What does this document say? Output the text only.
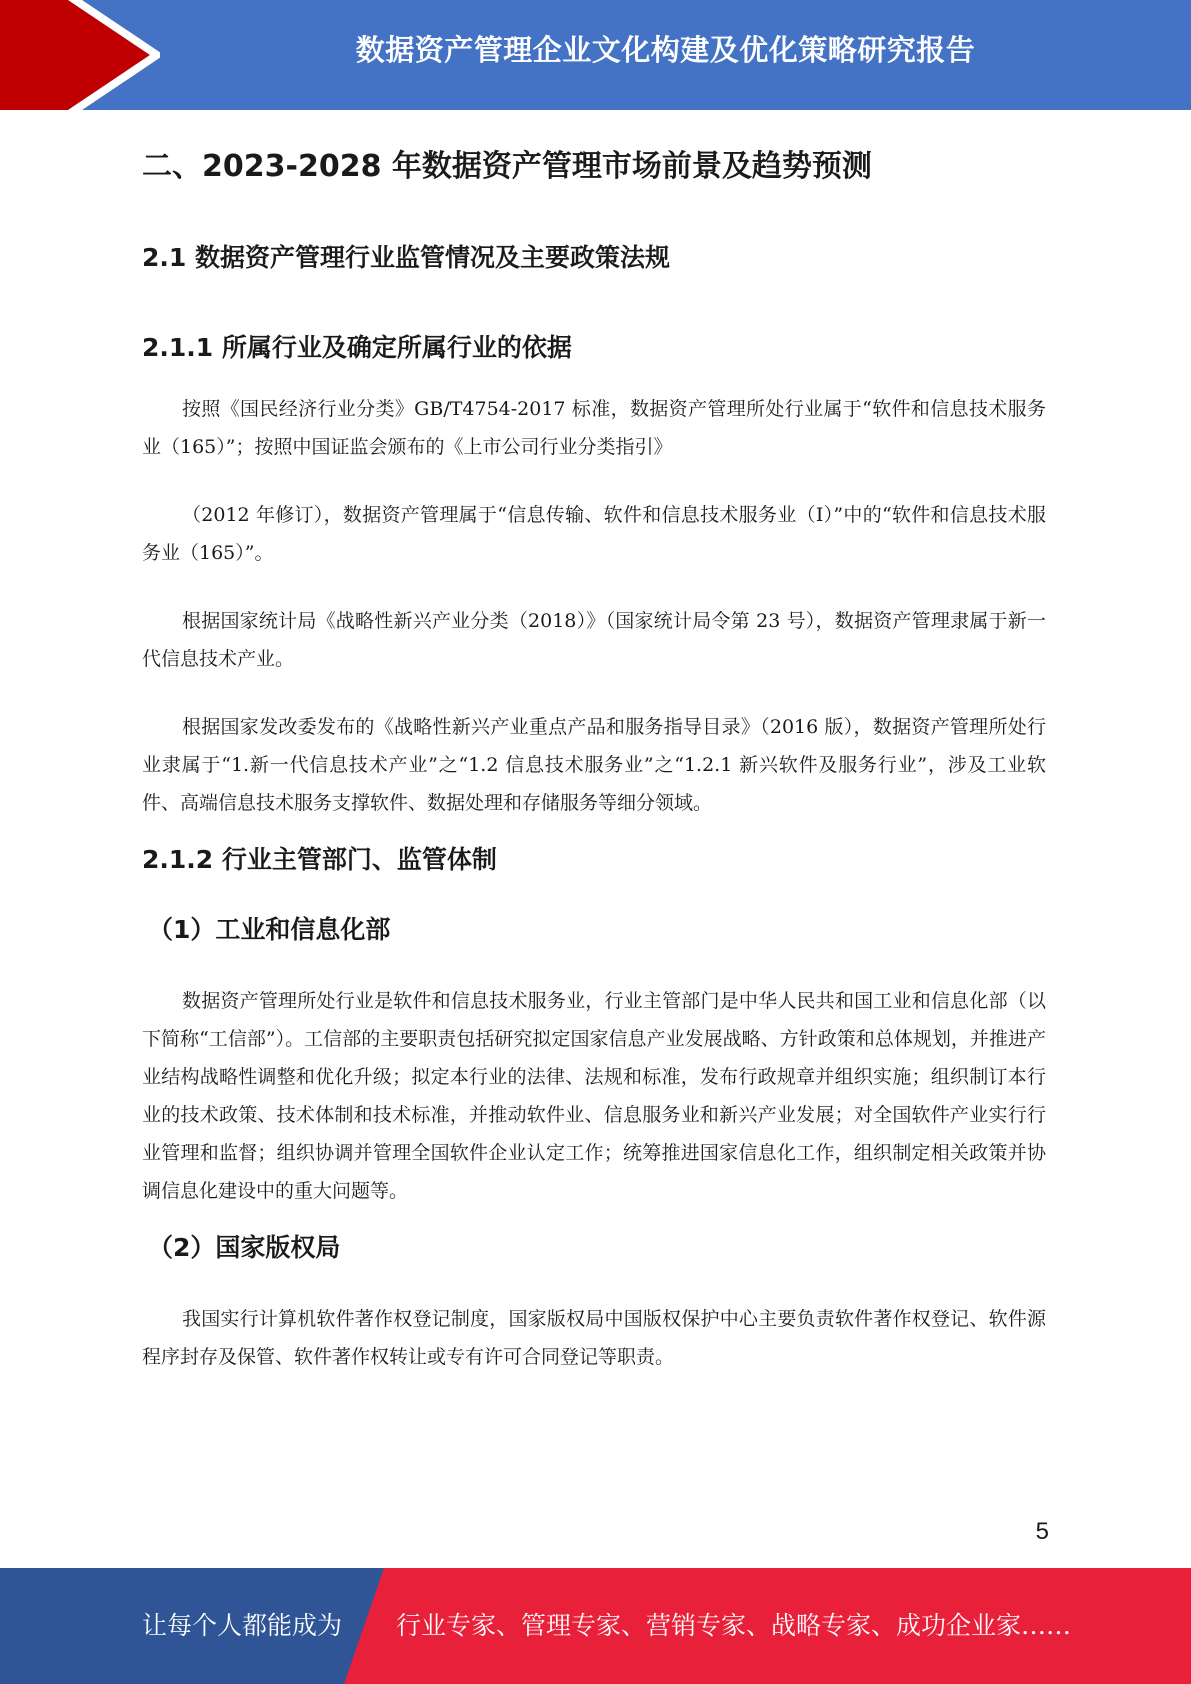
数据资产管理企业文化构建及优化策略研究报告
二、2023-2028 年数据资产管理市场前景及趋势预测
2.1 数据资产管理行业监管情况及主要政策法规
2.1.1 所属行业及确定所属行业的依据

按照《国民经济行业分类》GB/T4754-2017 标准，数据资产管理所处行业属于“软件和信息技术服务业（165）”；按照中国证监会颁布的《上市公司行业分类指引》

（2012 年修订），数据资产管理属于“信息传输、软件和信息技术服务业（I）”中的“软件和信息技术服务业（165）”。

根据国家统计局《战略性新兴产业分类（2018）》（国家统计局令第 23 号），数据资产管理隶属于新一代信息技术产业。

根据国家发改委发布的《战略性新兴产业重点产品和服务指导目录》（2016 版），数据资产管理所处行业隶属于“1.新一代信息技术产业”之“1.2 信息技术服务业”之“1.2.1 新兴软件及服务行业”，涉及工业软件、高端信息技术服务支撑软件、数据处理和存储服务等细分领域。

2.1.2 行业主管部门、监管体制
（1）工业和信息化部

数据资产管理所处行业是软件和信息技术服务业，行业主管部门是中华人民共和国工业和信息化部（以下简称“工信部”）。工信部的主要职责包括研究拟定国家信息产业发展战略、方针政策和总体规划，并推进产业结构战略性调整和优化升级；拟定本行业的法律、法规和标准，发布行政规章并组织实施；组织制订本行业的技术政策、技术体制和技术标准，并推动软件业、信息服务业和新兴产业发展；对全国软件产业实行行业管理和监督；组织协调并管理全国软件企业认定工作；统筹推进国家信息化工作，组织制定相关政策并协调信息化建设中的重大问题等。

（2）国家版权局

我国实行计算机软件著作权登记制度，国家版权局中国版权保护中心主要负责软件著作权登记、软件源程序封存及保管、软件著作权转让或专有许可合同登记等职责。

5
让每个人都能成为 行业专家、管理专家、营销专家、战略专家、成功企业家……
